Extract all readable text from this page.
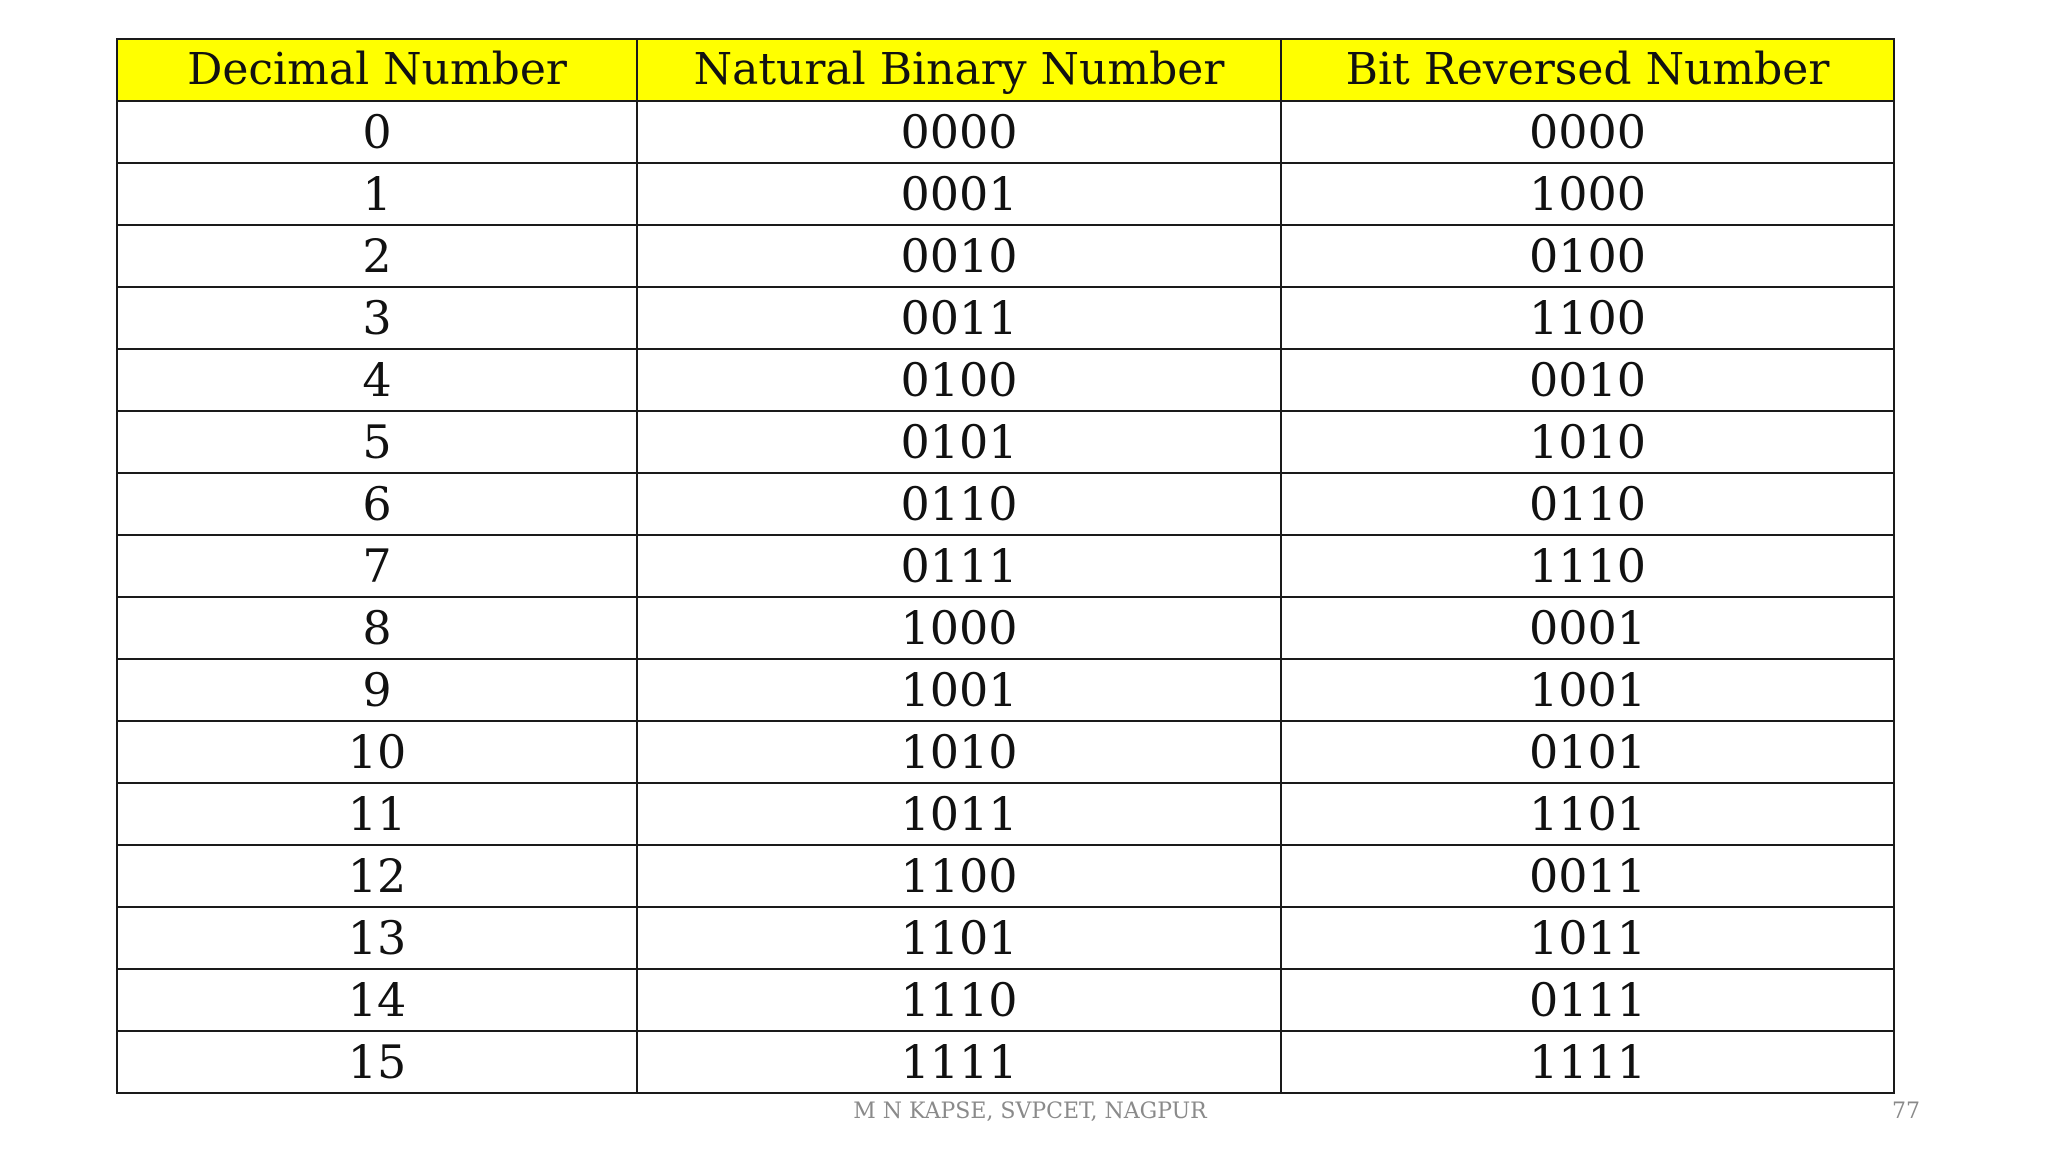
Decimal Number	Natural Binary Number	Bit Reversed Number
0	0000	0000
1	0001	1000
2	0010	0100
3	0011	1100
4	0100	0010
5	0101	1010
6	0110	0110
7	0111	1110
8	1000	0001
9	1001	1001
10	1010	0101
11	1011	1101
12	1100	0011
13	1101	1011
14	1110	0111
15	1111	1111
M N KAPSE, SVPCET, NAGPUR	77
